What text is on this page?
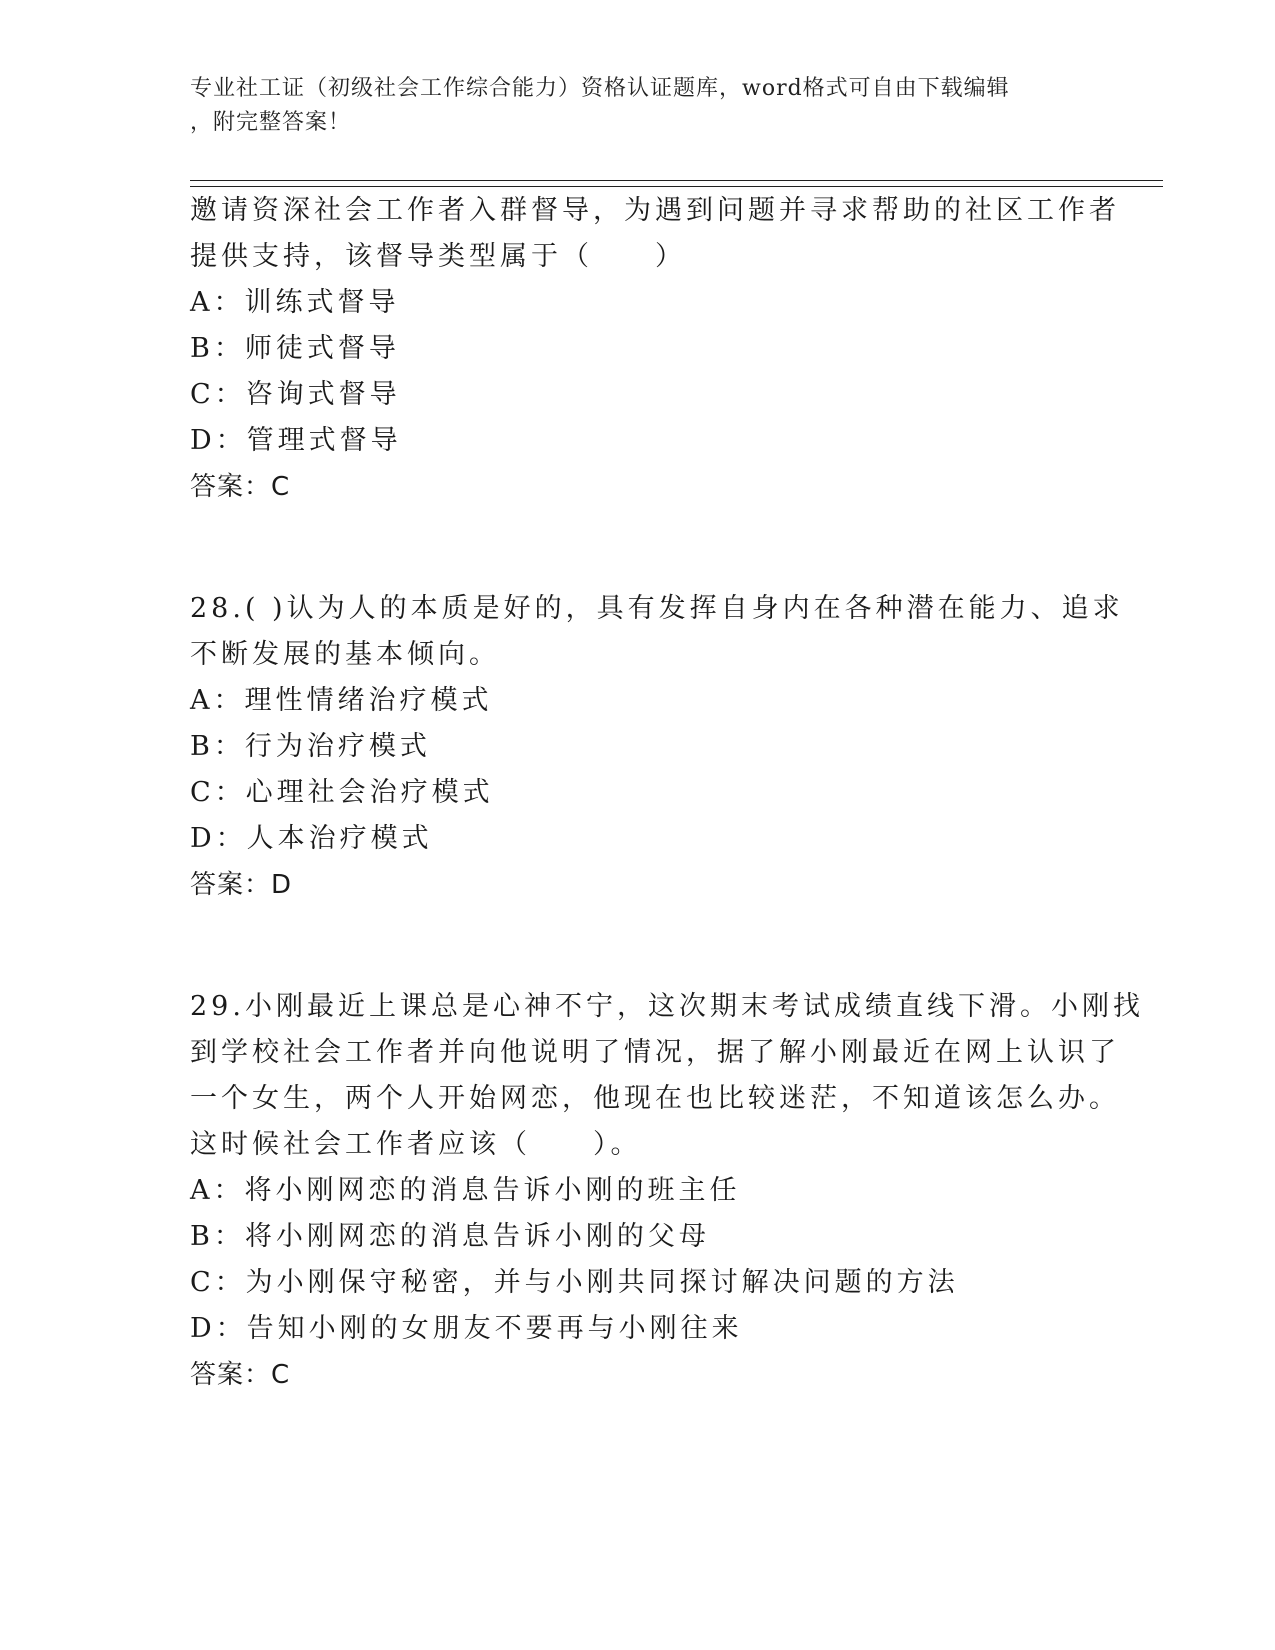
专业社工证（初级社会工作综合能力）资格认证题库，word格式可自由下载编辑
，附完整答案！
邀请资深社会工作者入群督导，为遇到问题并寻求帮助的社区工作者
提供支持，该督导类型属于（　　）
A：训练式督导
B：师徒式督导
C：咨询式督导
D：管理式督导
答案：C
28.( )认为人的本质是好的，具有发挥自身内在各种潜在能力、追求
不断发展的基本倾向。
A：理性情绪治疗模式
B：行为治疗模式
C：心理社会治疗模式
D：人本治疗模式
答案：D
29.小刚最近上课总是心神不宁，这次期末考试成绩直线下滑。小刚找
到学校社会工作者并向他说明了情况，据了解小刚最近在网上认识了
一个女生，两个人开始网恋，他现在也比较迷茫，不知道该怎么办。
这时候社会工作者应该（　　）。
A：将小刚网恋的消息告诉小刚的班主任
B：将小刚网恋的消息告诉小刚的父母
C：为小刚保守秘密，并与小刚共同探讨解决问题的方法
D：告知小刚的女朋友不要再与小刚往来
答案：C
